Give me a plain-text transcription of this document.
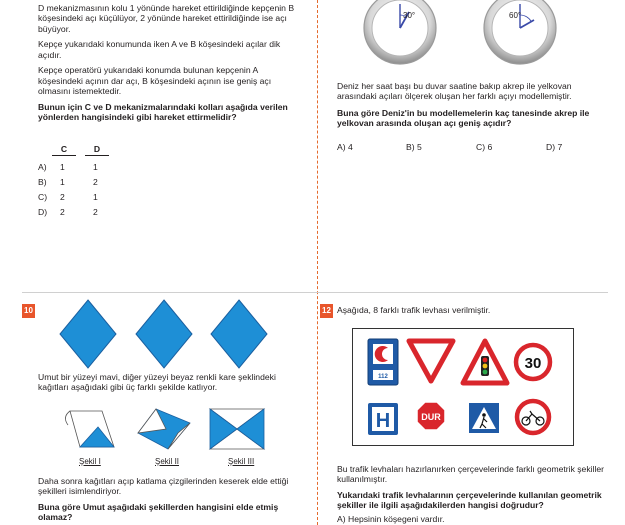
D mekanizmasının kolu 1 yönünde hareket ettirildiğinde kepçenin B köşesindeki açı küçülüyor, 2 yönünde hareket ettirildiğinde ise açı büyüyor.

Kepçe yukarıdaki konumunda iken A ve B köşesindeki açılar dik açıdır.

Kepçe operatörü yukarıdaki konumda bulunan kepçenin A köşesindeki açının dar açı, B köşesindeki açının ise geniş açı olmasını istemektedir.

Bunun için C ve D mekanizmalarındaki kolları aşağıda verilen yönlerden hangisindeki gibi hareket ettirmelidir?

C	D
A)	1	1
B)	1	2
C)	2	1
D)	2	2
30°	60°

Deniz her saat başı bu duvar saatine bakıp akrep ile yelkovan arasındaki açıları ölçerek oluşan her farklı açıyı modellemiştir.

Buna göre Deniz'in bu modellemelerin kaç tanesinde akrep ile yelkovan arasında oluşan açı geniş açıdır?

A) 4	B) 5	C) 6	D) 7
10
Umut bir yüzeyi mavi, diğer yüzeyi beyaz renkli kare şeklindeki kağıtları aşağıdaki gibi üç farklı şekilde katlıyor.
Şekil I	Şekil II	Şekil III

Daha sonra kağıtları açıp katlama çizgilerinden keserek elde ettiği şekilleri isimlendiriyor.

Buna göre Umut aşağıdaki şekillerden hangisini elde etmiş olamaz?

12 Aşağıda, 8 farklı trafik levhası verilmiştir.
112
30
H	DUR

Bu trafik levhaları hazırlanırken çerçevelerinde farklı geometrik şekiller kullanılmıştır.

Yukarıdaki trafik levhalarının çerçevelerinde kullanılan geometrik şekiller ile ilgili aşağıdakilerden hangisi doğrudur?

A) Hepsinin köşegeni vardır.
